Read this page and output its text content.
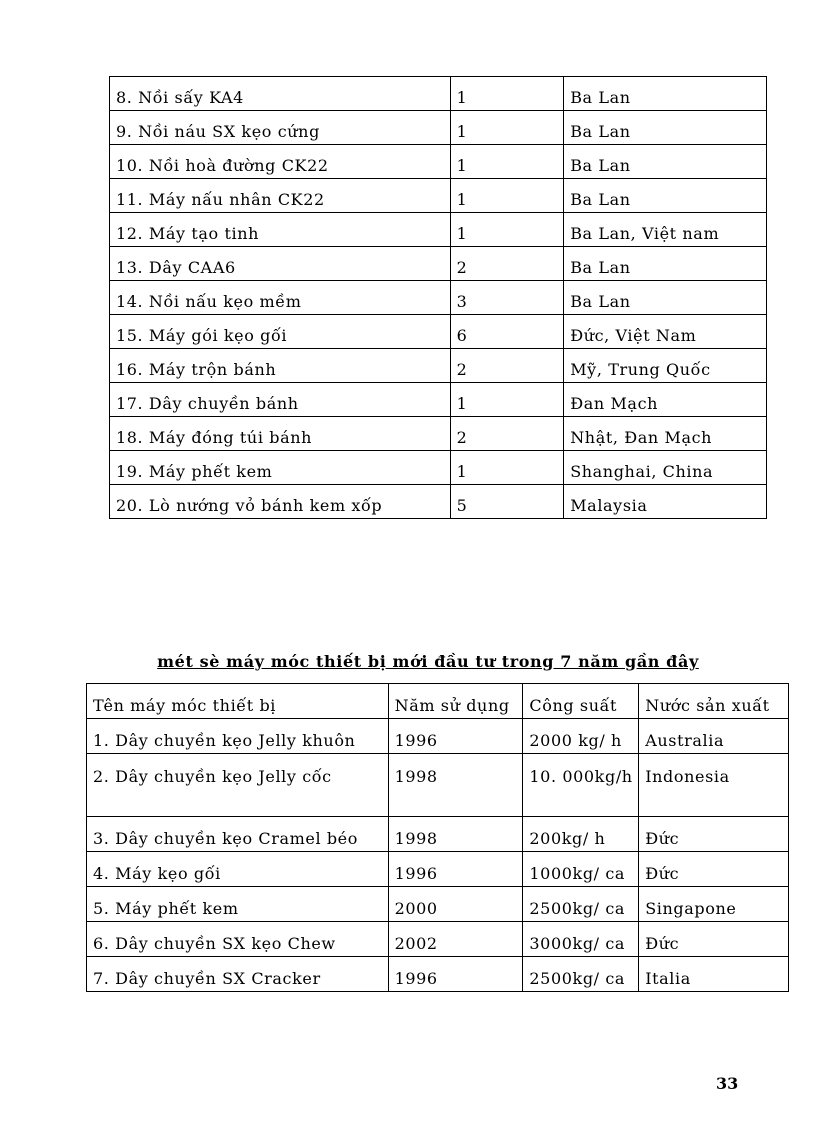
8. Nồi sấy KA4	1	Ba Lan
9. Nồi náu SX kẹo cứng	1	Ba Lan
10. Nồi hoà đường CK22	1	Ba Lan
11. Máy nấu nhân CK22	1	Ba Lan
12. Máy tạo tinh	1	Ba Lan, Việt nam
13. Dây CAA6	2	Ba Lan
14. Nồi nấu kẹo mềm	3	Ba Lan
15. Máy gói kẹo gối	6	Đức, Việt Nam
16. Máy trộn bánh	2	Mỹ, Trung Quốc
17. Dây chuyền bánh	1	Đan Mạch
18. Máy đóng túi bánh	2	Nhật, Đan Mạch
19. Máy phết kem	1	Shanghai, China
20. Lò nướng vỏ bánh kem xốp	5	Malaysia
mét sè máy móc thiết bị mới đầu tư trong 7 năm gần đây
Tên máy móc thiết bị	Năm sử dụng	Công suất	Nước sản xuất
1. Dây chuyền kẹo Jelly khuôn	1996	2000 kg/ h	Australia
2. Dây chuyền kẹo Jelly cốc	1998	10. 000kg/h	Indonesia
3. Dây chuyền kẹo Cramel béo	1998	200kg/ h	Đức
4. Máy kẹo gối	1996	1000kg/ ca	Đức
5. Máy phết kem	2000	2500kg/ ca	Singapone
6. Dây chuyền SX kẹo Chew	2002	3000kg/ ca	Đức
7. Dây chuyền SX Cracker	1996	2500kg/ ca	Italia
33
